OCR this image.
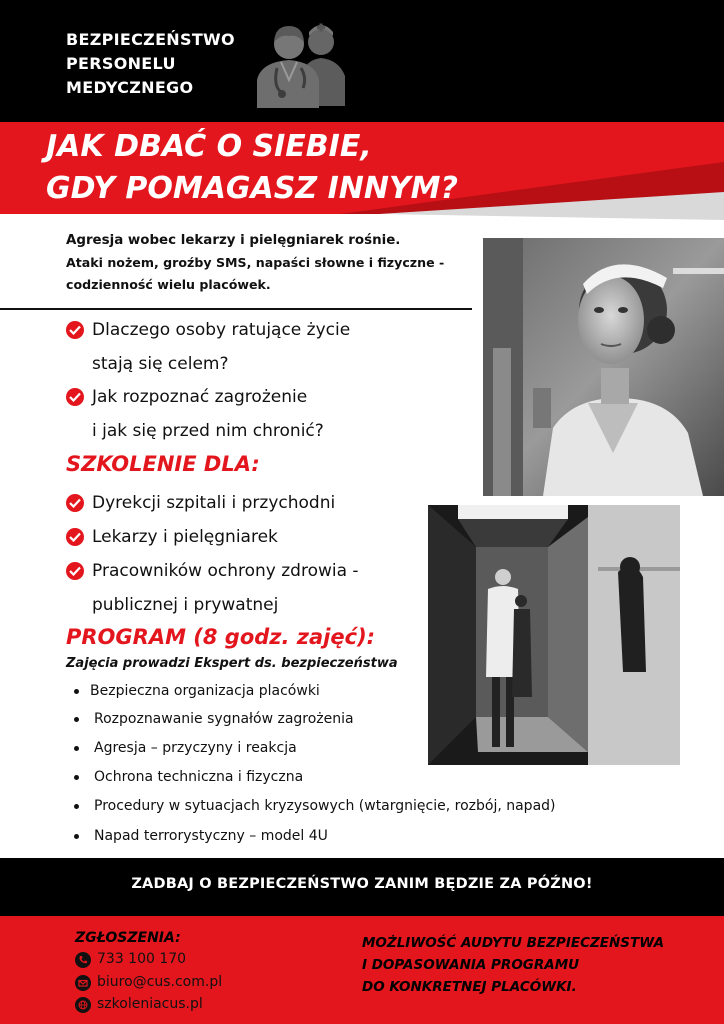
BEZPIECZEŃSTWO
PERSONELU
MEDYCZNEGO
JAK DBAĆ O SIEBIE,
GDY POMAGASZ INNYM?
Agresja wobec lekarzy i pielęgniarek rośnie.
Ataki nożem, groźby SMS, napaści słowne i fizyczne -
codzienność wielu placówek.
Dlaczego osoby ratujące życie
stają się celem?
Jak rozpoznać zagrożenie
i jak się przed nim chronić?
SZKOLENIE DLA:
Dyrekcji szpitali i przychodni
Lekarzy i pielęgniarek
Pracowników ochrony zdrowia -
publicznej i prywatnej
PROGRAM (8 godz. zajęć):
Zajęcia prowadzi Ekspert ds. bezpieczeństwa
Bezpieczna organizacja placówki
Rozpoznawanie sygnałów zagrożenia
Agresja – przyczyny i reakcja
Ochrona techniczna i fizyczna
Procedury w sytuacjach kryzysowych (wtargnięcie, rozbój, napad)
Napad terrorystyczny – model 4U
ZADBAJ O BEZPIECZEŃSTWO ZANIM BĘDZIE ZA PÓŹNO!
ZGŁOSZENIA:
733 100 170
biuro@cus.com.pl
szkoleniacus.pl
MOŻLIWOŚĆ AUDYTU BEZPIECZEŃSTWA
I DOPASOWANIA PROGRAMU
DO KONKRETNEJ PLACÓWKI.
